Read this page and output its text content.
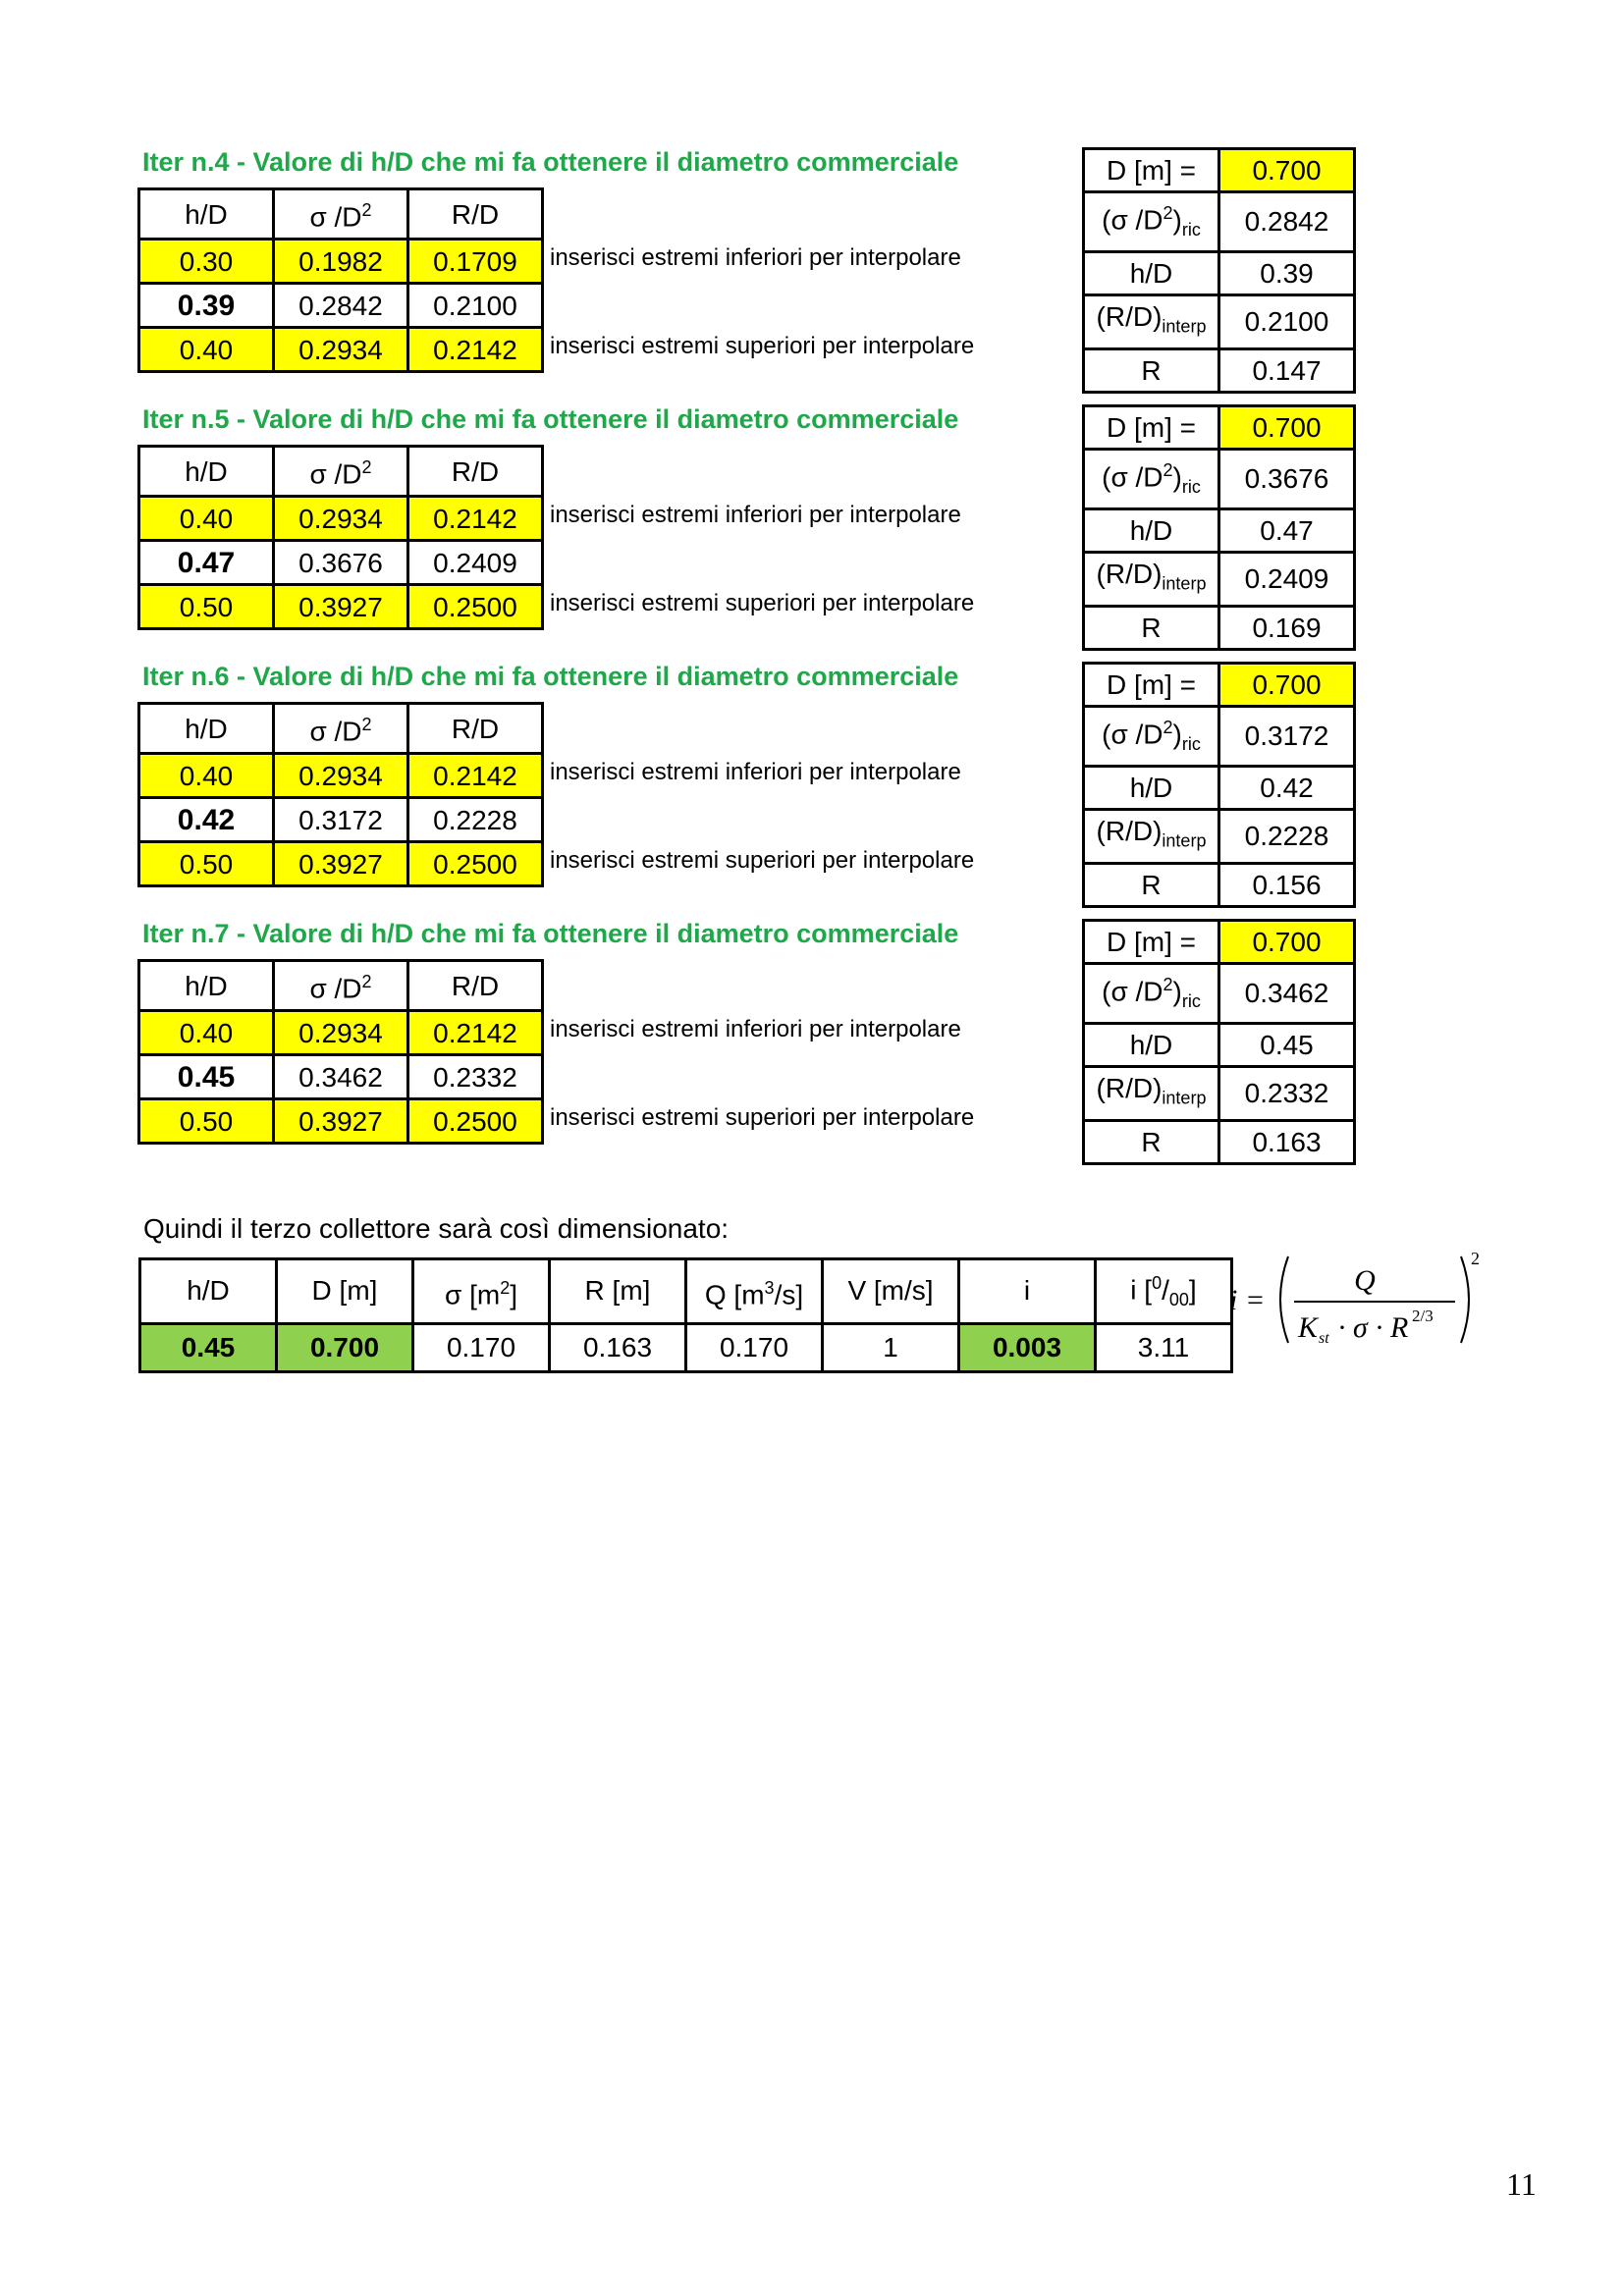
Iter n.4 - Valore di h/D che mi fa ottenere il diametro commerciale
h/D	σ $/D^2$	R/D
0.30	0.1982	0.1709
0.39	0.2842	0.2100
0.40	0.2934	0.2142
inserisci estremi inferiori per interpolare
inserisci estremi superiori per interpolare
D [m] =	0.700
(σ $/D^2)_{ric}$	0.2842
h/D	0.39
$(R/D)_{interp}$	0.2100
R	0.147
Iter n.5 - Valore di h/D che mi fa ottenere il diametro commerciale
h/D	σ $/D^2$	R/D
0.40	0.2934	0.2142
0.47	0.3676	0.2409
0.50	0.3927	0.2500
inserisci estremi inferiori per interpolare
inserisci estremi superiori per interpolare
D [m] =	0.700
(σ $/D^2)_{ric}$	0.3676
h/D	0.47
$(R/D)_{interp}$	0.2409
R	0.169
Iter n.6 - Valore di h/D che mi fa ottenere il diametro commerciale
h/D	σ $/D^2$	R/D
0.40	0.2934	0.2142
0.42	0.3172	0.2228
0.50	0.3927	0.2500
inserisci estremi inferiori per interpolare
inserisci estremi superiori per interpolare
D [m] =	0.700
(σ $/D^2)_{ric}$	0.3172
h/D	0.42
$(R/D)_{interp}$	0.2228
R	0.156
Iter n.7 - Valore di h/D che mi fa ottenere il diametro commerciale
h/D	σ $/D^2$	R/D
0.40	0.2934	0.2142
0.45	0.3462	0.2332
0.50	0.3927	0.2500
inserisci estremi inferiori per interpolare
inserisci estremi superiori per interpolare
D [m] =	0.700
(σ $/D^2)_{ric}$	0.3462
h/D	0.45
$(R/D)_{interp}$	0.2332
R	0.163
Quindi il terzo collettore sarà così dimensionato:
h/D	D [m]	σ $[m^2]$	R [m]	Q $[m^3/s]$	V [m/s]	i	i $[^0/_{00}]$
0.45	0.700	0.170	0.163	0.170	1	0.003	3.11
i =
Q
K st · σ · R 2/3
2
11
